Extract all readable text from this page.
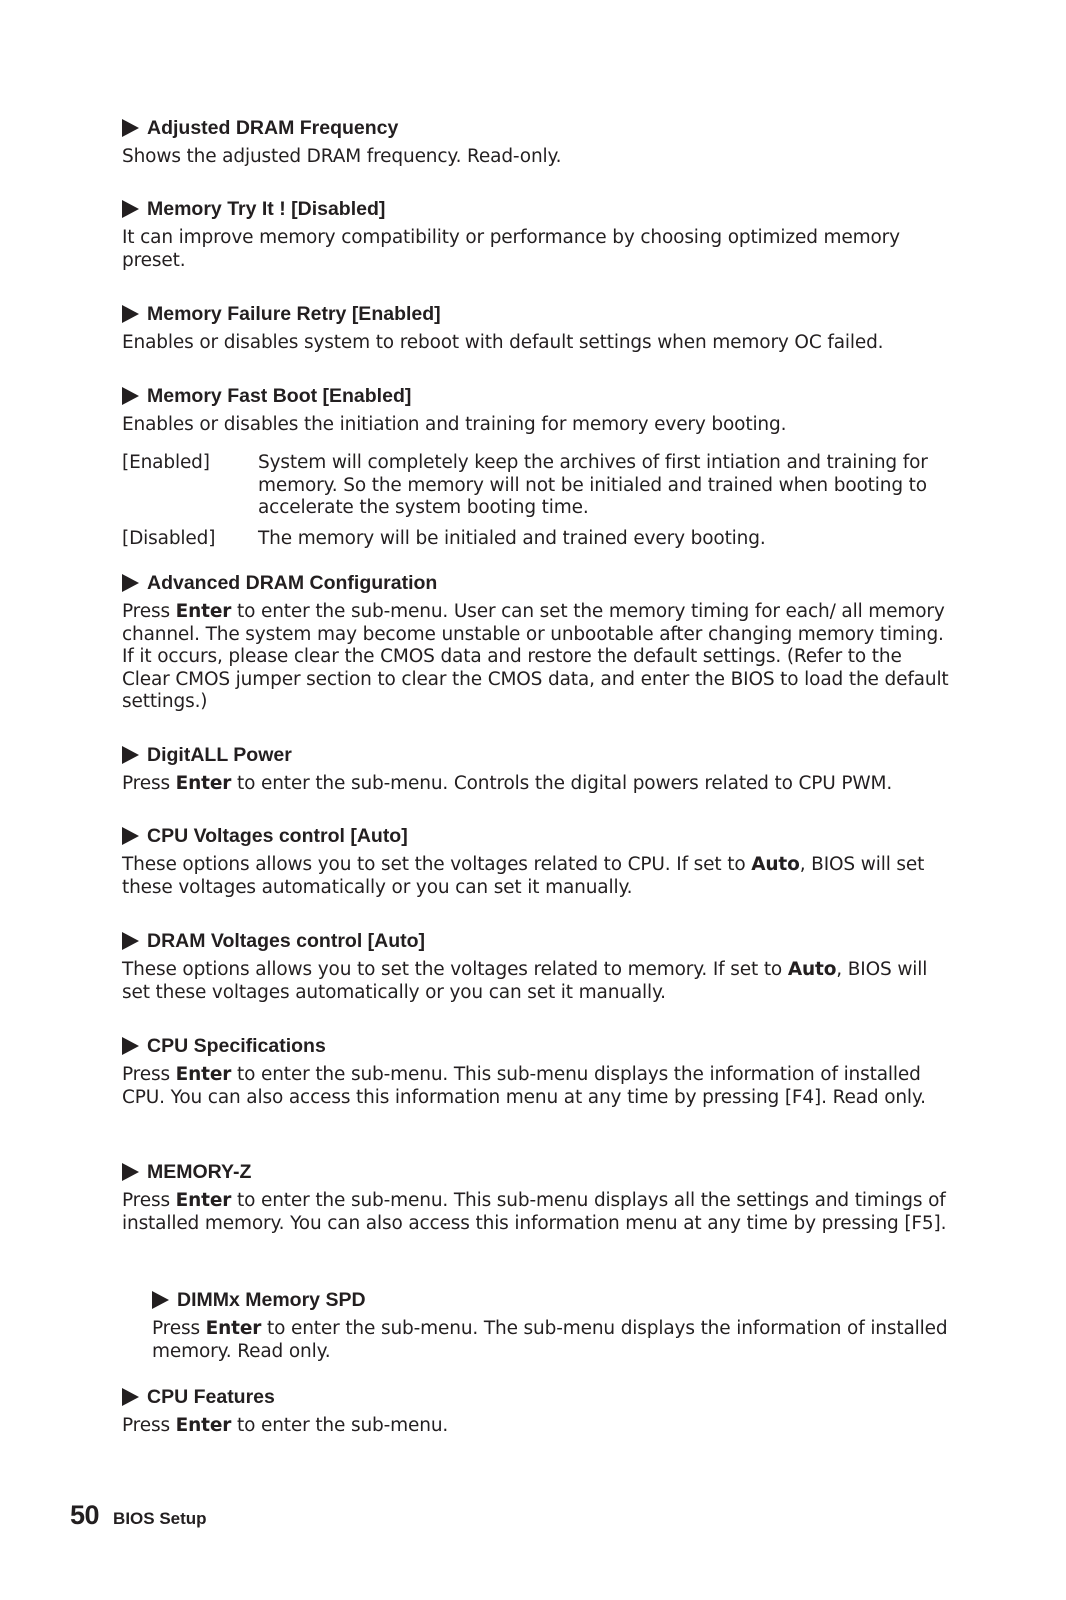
Adjusted DRAM Frequency
Shows the adjusted DRAM frequency. Read-only.
Memory Try It ! [Disabled]
It can improve memory compatibility or performance by choosing optimized memory preset.
Memory Failure Retry [Enabled]
Enables or disables system to reboot with default settings when memory OC failed.
Memory Fast Boot [Enabled]
Enables or disables the initiation and training for memory every booting.
[Enabled]	System will completely keep the archives of first intiation and training for memory. So the memory will not be initialed and trained when booting to accelerate the system booting time.
[Disabled]	The memory will be initialed and trained every booting.
Advanced DRAM Configuration
Press Enter to enter the sub-menu. User can set the memory timing for each/ all memory channel. The system may become unstable or unbootable after changing memory timing. If it occurs, please clear the CMOS data and restore the default settings. (Refer to the Clear CMOS jumper section to clear the CMOS data, and enter the BIOS to load the default settings.)
DigitALL Power
Press Enter to enter the sub-menu. Controls the digital powers related to CPU PWM.
CPU Voltages control [Auto]
These options allows you to set the voltages related to CPU. If set to Auto, BIOS will set these voltages automatically or you can set it manually.
DRAM Voltages control [Auto]
These options allows you to set the voltages related to memory. If set to Auto, BIOS will set these voltages automatically or you can set it manually.
CPU Specifications
Press Enter to enter the sub-menu. This sub-menu displays the information of installed CPU. You can also access this information menu at any time by pressing [F4]. Read only.
MEMORY-Z
Press Enter to enter the sub-menu. This sub-menu displays all the settings and timings of installed memory. You can also access this information menu at any time by pressing [F5].
DIMMx Memory SPD
Press Enter to enter the sub-menu. The sub-menu displays the information of installed memory. Read only.
CPU Features
Press Enter to enter the sub-menu.
50 BIOS Setup
